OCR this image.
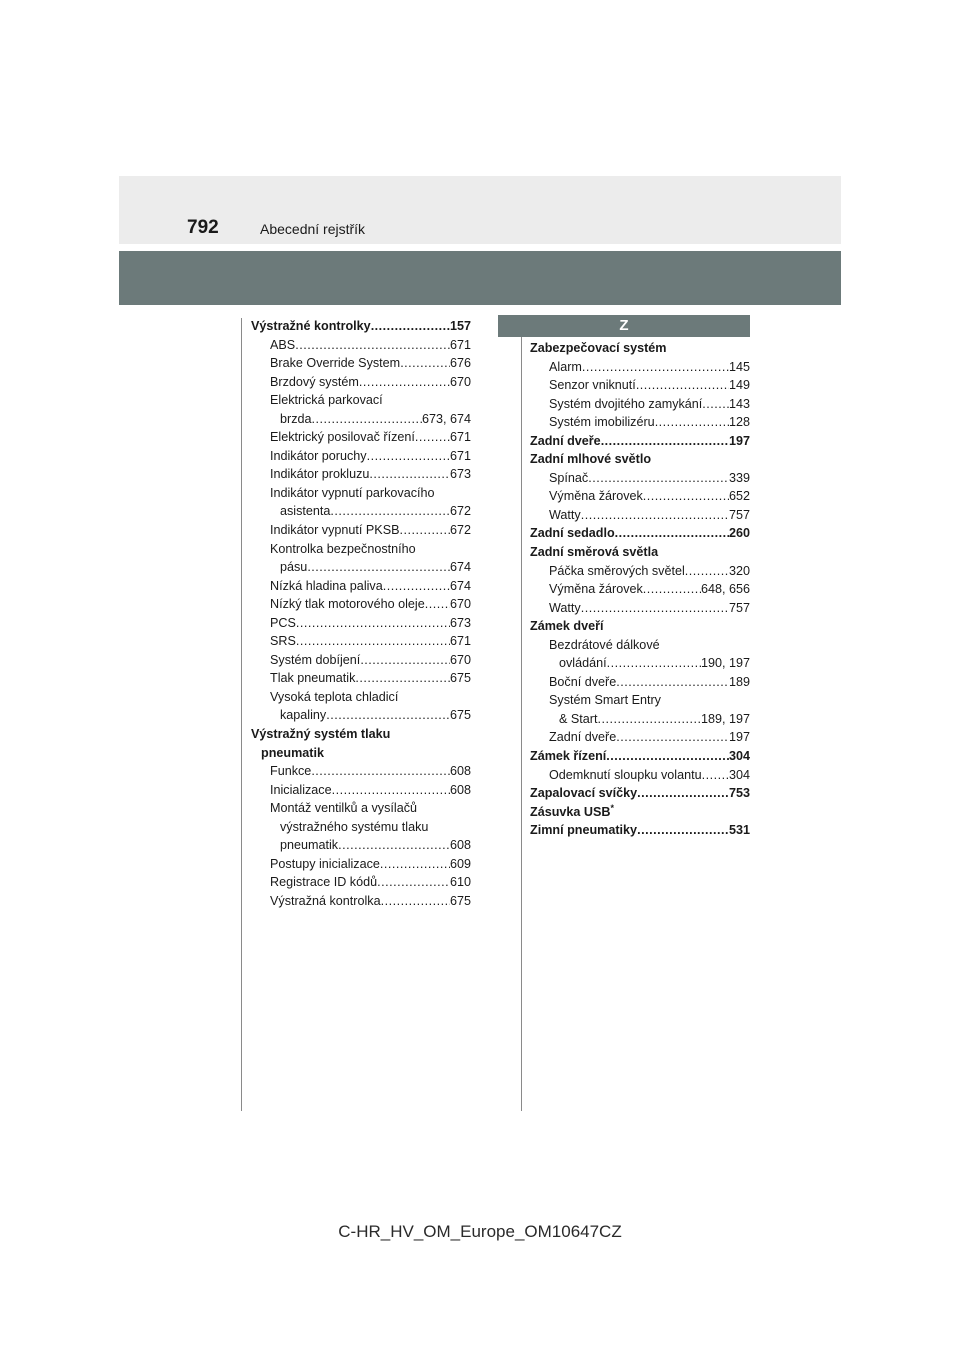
792	Abecední rejstřík
Výstražné kontrolky .....	157
ABS .....	671
Brake Override System .....	676
Brzdový systém .....	670
Elektrická parkovací
brzda .....	673, 674
Elektrický posilovač řízení .....	671
Indikátor poruchy .....	671
Indikátor prokluzu .....	673
Indikátor vypnutí parkovacího
asistenta .....	672
Indikátor vypnutí PKSB .....	672
Kontrolka bezpečnostního
pásu .....	674
Nízká hladina paliva .....	674
Nízký tlak motorového oleje ..... 670
PCS .....	673
SRS .....	671
Systém dobíjení .....	670
Tlak pneumatik .....	675
Vysoká teplota chladicí
kapaliny .....	675
Výstražný systém tlaku
pneumatik
Funkce .....	608
Inicializace .....	608
Montáž ventilků a vysílačů
výstražného systému tlaku
pneumatik .....	608
Postupy inicializace .....	609
Registrace ID kódů .....	610
Výstražná kontrolka .....	675
Z
Zabezpečovací systém
Alarm .....	145
Senzor vniknutí .....	149
Systém dvojitého zamykání ..... 143
Systém imobilizéru .....	128
Zadní dveře .....	197
Zadní mlhové světlo
Spínač .....	339
Výměna žárovek .....	652
Watty .....	757
Zadní sedadlo .....	260
Zadní směrová světla
Páčka směrových světel .....	320
Výměna žárovek .....	648, 656
Watty .....	757
Zámek dveří
Bezdrátové dálkové
ovládání .....	190, 197
Boční dveře .....	189
Systém Smart Entry
& Start .....	189, 197
Zadní dveře .....	197
Zámek řízení .....	304
Odemknutí sloupku volantu ..... 304
Zapalovací svíčky .....	753
Zásuvka USB*
Zimní pneumatiky .....	531
C-HR_HV_OM_Europe_OM10647CZ
